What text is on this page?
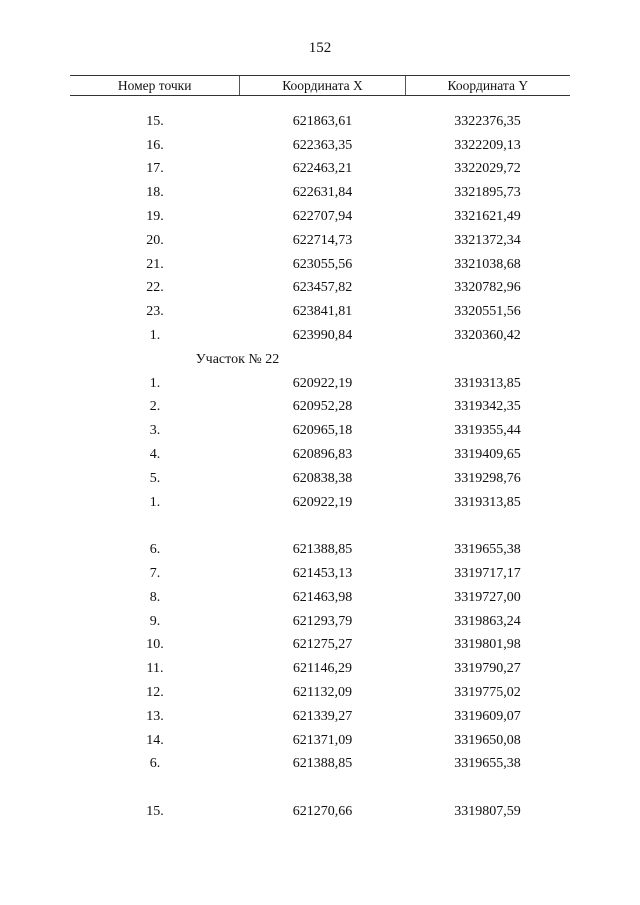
152
Номер точки	Координата X	Координата Y
15.	621863,61	3322376,35
16.	622363,35	3322209,13
17.	622463,21	3322029,72
18.	622631,84	3321895,73
19.	622707,94	3321621,49
20.	622714,73	3321372,34
21.	623055,56	3321038,68
22.	623457,82	3320782,96
23.	623841,81	3320551,56
1.	623990,84	3320360,42
Участок № 22
1.	620922,19	3319313,85
2.	620952,28	3319342,35
3.	620965,18	3319355,44
4.	620896,83	3319409,65
5.	620838,38	3319298,76
1.	620922,19	3319313,85
6.	621388,85	3319655,38
7.	621453,13	3319717,17
8.	621463,98	3319727,00
9.	621293,79	3319863,24
10.	621275,27	3319801,98
11.	621146,29	3319790,27
12.	621132,09	3319775,02
13.	621339,27	3319609,07
14.	621371,09	3319650,08
6.	621388,85	3319655,38
15.	621270,66	3319807,59
